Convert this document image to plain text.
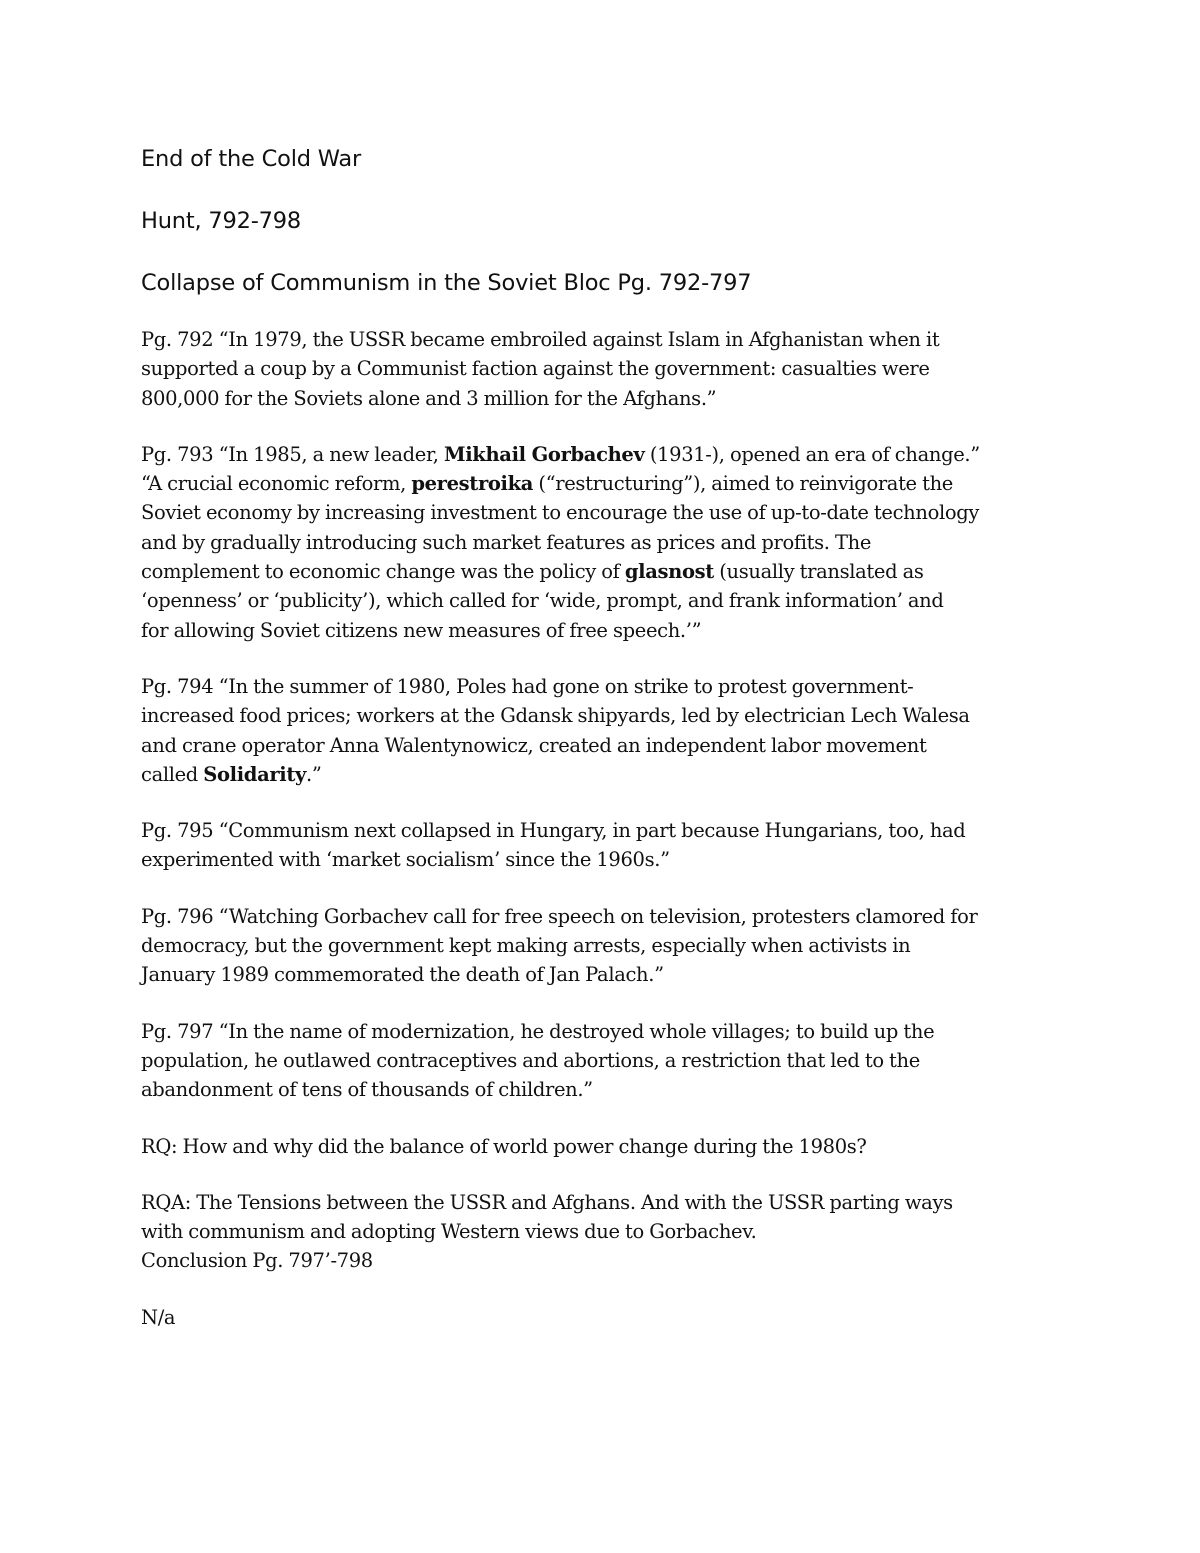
End of the Cold War
Hunt, 792-798
Collapse of Communism in the Soviet Bloc Pg. 792-797
Pg. 792 “In 1979, the USSR became embroiled against Islam in Afghanistan when it
supported a coup by a Communist faction against the government: casualties were
800,000 for the Soviets alone and 3 million for the Afghans.”
Pg. 793 “In 1985, a new leader, Mikhail Gorbachev (1931-), opened an era of change.”
“A crucial economic reform, perestroika (“restructuring”), aimed to reinvigorate the
Soviet economy by increasing investment to encourage the use of up-to-date technology
and by gradually introducing such market features as prices and profits. The
complement to economic change was the policy of glasnost (usually translated as
‘openness’ or ‘publicity’), which called for ‘wide, prompt, and frank information’ and
for allowing Soviet citizens new measures of free speech.’”
Pg. 794 “In the summer of 1980, Poles had gone on strike to protest government-
increased food prices; workers at the Gdansk shipyards, led by electrician Lech Walesa
and crane operator Anna Walentynowicz, created an independent labor movement
called Solidarity.”
Pg. 795 “Communism next collapsed in Hungary, in part because Hungarians, too, had
experimented with ‘market socialism’ since the 1960s.”
Pg. 796 “Watching Gorbachev call for free speech on television, protesters clamored for
democracy, but the government kept making arrests, especially when activists in
January 1989 commemorated the death of Jan Palach.”
Pg. 797 “In the name of modernization, he destroyed whole villages; to build up the
population, he outlawed contraceptives and abortions, a restriction that led to the
abandonment of tens of thousands of children.”
RQ: How and why did the balance of world power change during the 1980s?
RQA: The Tensions between the USSR and Afghans. And with the USSR parting ways
with communism and adopting Western views due to Gorbachev.
Conclusion Pg. 797’-798
N/a
